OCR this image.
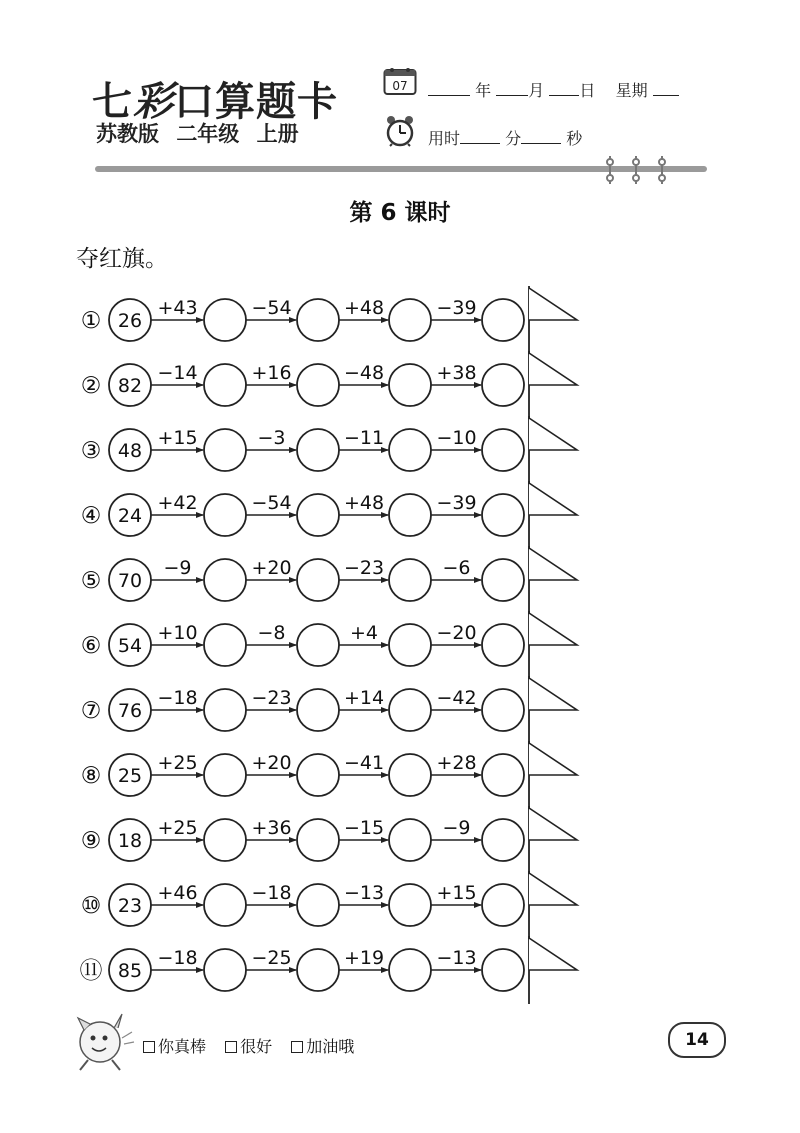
七彩口算题卡
苏教版 二年级 上册
07	年 月 日 星期
用时	分	秒
第 6 课时
夺红旗。
① 26
+43	−54	+48	−39
② 82
−14	+16	−48	+38
③ 48
+15	−3	−11	−10
④ 24
+42	−54	+48	−39
⑤ 70
−9	+20	−23	−6
⑥ 54
+10	−8	+4	−20
⑦ 76
−18	−23	+14	−42
⑧ 25
+25	+20	−41	+28
⑨ 18
+25	+36	−15	−9
⑩ 23
+46	−18	−13	+15
⑪ 85
−18	−25	+19	−13
你真棒 很好 加油哦	14
